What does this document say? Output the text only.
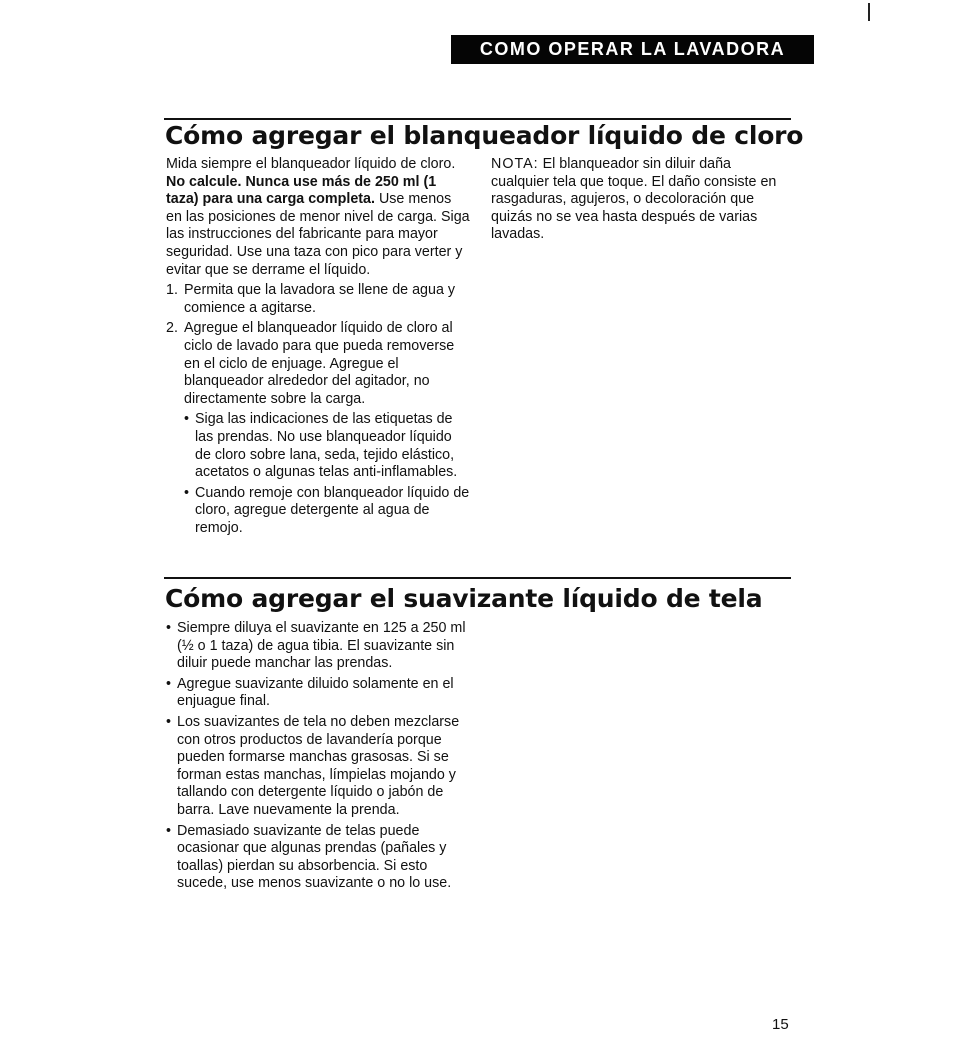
COMO OPERAR LA LAVADORA
Cómo agregar el blanqueador líquido de cloro

Mida siempre el blanqueador líquido de cloro. No calcule. Nunca use más de 250 ml (1 taza) para una carga completa. Use menos en las posiciones de menor nivel de carga. Siga las instrucciones del fabricante para mayor seguridad. Use una taza con pico para verter y evitar que se derrame el líquido.

1. Permita que la lavadora se llene de agua y comience a agitarse.
2. Agregue el blanqueador líquido de cloro al ciclo de lavado para que pueda removerse en el ciclo de enjuage. Agregue el blanqueador alrededor del agitador, no directamente sobre la carga.
• Siga las indicaciones de las etiquetas de las prendas. No use blanqueador líquido de cloro sobre lana, seda, tejido elástico, acetatos o algunas telas anti-inflamables.
• Cuando remoje con blanqueador líquido de cloro, agregue detergente al agua de remojo.

NOTA: El blanqueador sin diluir daña cualquier tela que toque. El daño consiste en rasgaduras, agujeros, o decoloración que quizás no se vea hasta después de varias lavadas.

Cómo agregar el suavizante líquido de tela
• Siempre diluya el suavizante en 125 a 250 ml (½ o 1 taza) de agua tibia. El suavizante sin diluir puede manchar las prendas.
• Agregue suavizante diluido solamente en el enjuague final.
• Los suavizantes de tela no deben mezclarse con otros productos de lavandería porque pueden formarse manchas grasosas. Si se forman estas manchas, límpielas mojando y tallando con detergente líquido o jabón de barra. Lave nuevamente la prenda.
• Demasiado suavizante de telas puede ocasionar que algunas prendas (pañales y toallas) pierdan su absorbencia. Si esto sucede, use menos suavizante o no lo use.
15
